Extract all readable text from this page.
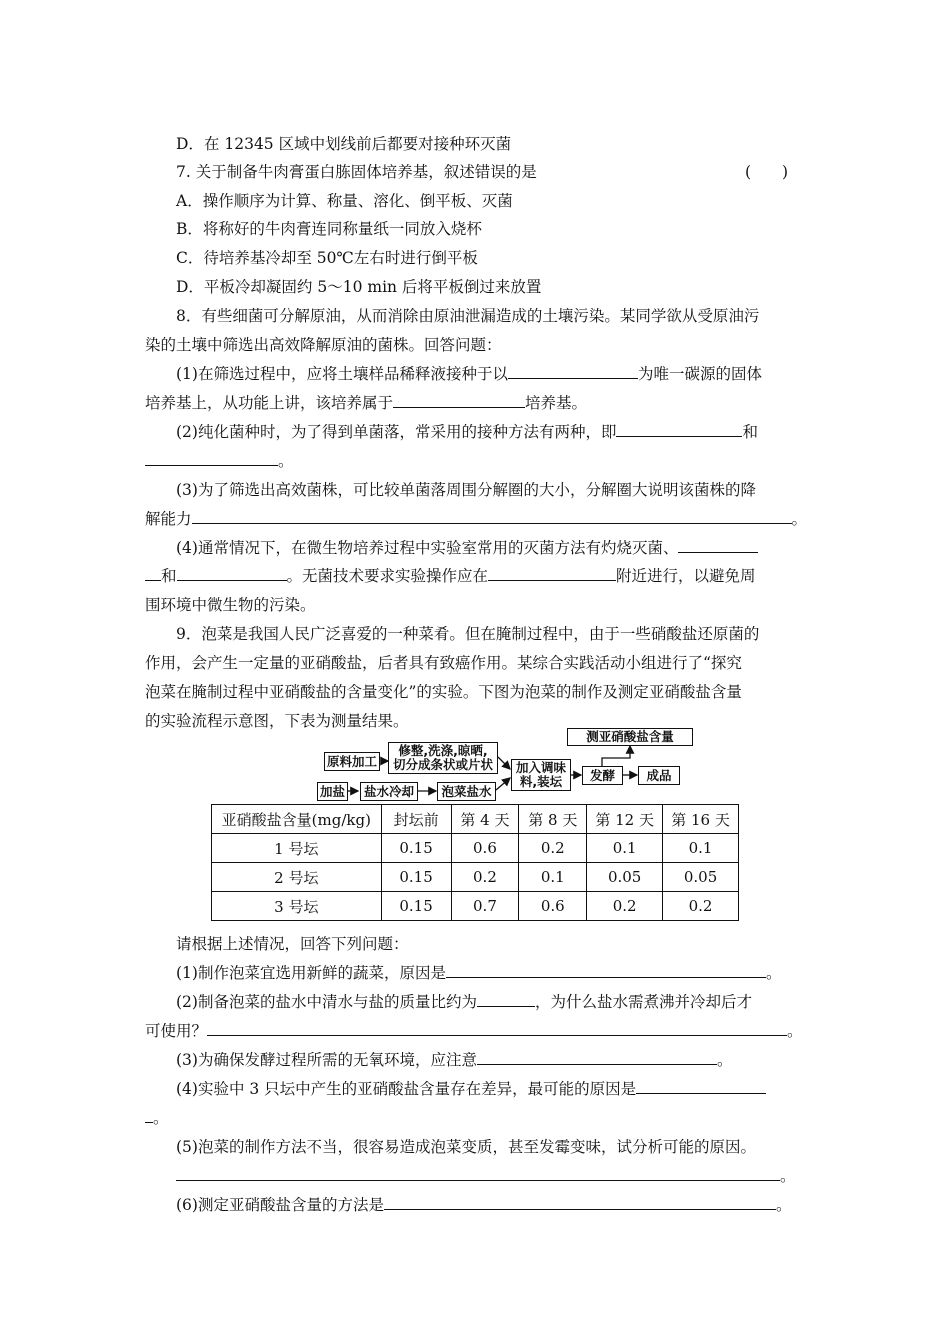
D．在 12345 区域中划线前后都要对接种环灭菌
7. 关于制备牛肉膏蛋白胨固体培养基，叙述错误的是	(　　)
A．操作顺序为计算、称量、溶化、倒平板、灭菌
B．将称好的牛肉膏连同称量纸一同放入烧杯
C．待培养基冷却至 50℃左右时进行倒平板
D．平板冷却凝固约 5～10 min 后将平板倒过来放置
8．有些细菌可分解原油，从而消除由原油泄漏造成的土壤污染。某同学欲从受原油污
染的土壤中筛选出高效降解原油的菌株。回答问题：
(1)在筛选过程中，应将土壤样品稀释液接种于以	为唯一碳源的固体
培养基上，从功能上讲，该培养属于	培养基。
(2)纯化菌种时，为了得到单菌落，常采用的接种方法有两种，即	和
。
(3)为了筛选出高效菌株，可比较单菌落周围分解圈的大小，分解圈大说明该菌株的降
解能力	。
(4)通常情况下，在微生物培养过程中实验室常用的灭菌方法有灼烧灭菌、
和	。无菌技术要求实验操作应在	附近进行，以避免周
围环境中微生物的污染。
9．泡菜是我国人民广泛喜爱的一种菜肴。但在腌制过程中，由于一些硝酸盐还原菌的
作用，会产生一定量的亚硝酸盐，后者具有致癌作用。某综合实践活动小组进行了“探究
泡菜在腌制过程中亚硝酸盐的含量变化”的实验。下图为泡菜的制作及测定亚硝酸盐含量
的实验流程示意图，下表为测量结果。
原料加工
修整,洗涤,晾晒,
切分成条状或片状
加盐	盐水冷却	泡菜盐水
加入调味
料,装坛
测亚硝酸盐含量
发酵	成品
亚硝酸盐含量(mg/kg)	封坛前	第 4 天	第 8 天	第 12 天	第 16 天
1 号坛	0.15	0.6	0.2	0.1	0.1
2 号坛	0.15	0.2	0.1	0.05	0.05
3 号坛	0.15	0.7	0.6	0.2	0.2
请根据上述情况，回答下列问题：
(1)制作泡菜宜选用新鲜的蔬菜，原因是	。
(2)制备泡菜的盐水中清水与盐的质量比约为	，为什么盐水需煮沸并冷却后才
可使用？	。
(3)为确保发酵过程所需的无氧环境，应注意	。
(4)实验中 3 只坛中产生的亚硝酸盐含量存在差异，最可能的原因是
。
(5)泡菜的制作方法不当，很容易造成泡菜变质，甚至发霉变味，试分析可能的原因。
。
(6)测定亚硝酸盐含量的方法是	。
